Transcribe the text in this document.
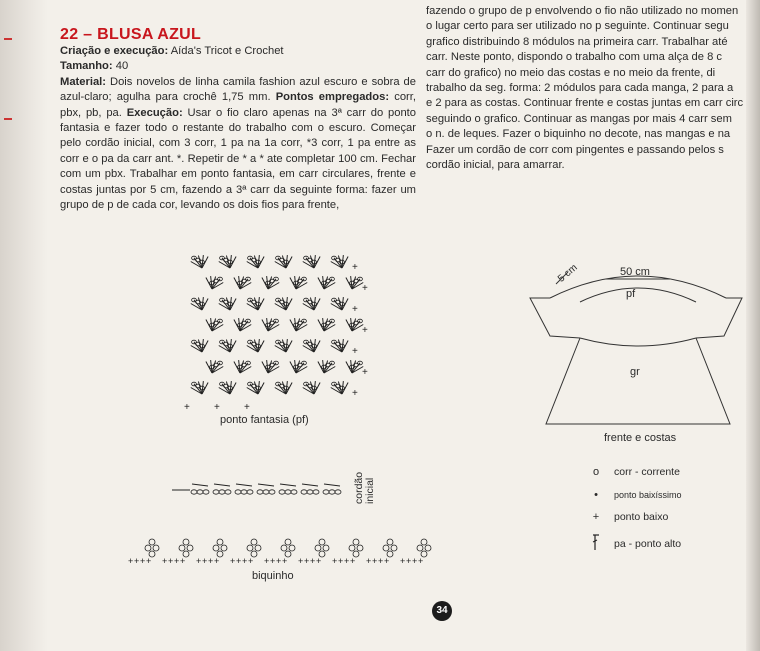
22 – BLUSA AZUL

Criação e execução: Aída's Tricot e Crochet

Tamanho: 40

Material: Dois novelos de linha camila fashion azul escuro e sobra de azul-claro; agulha para crochê 1,75 mm. Pontos empregados: corr, pbx, pb, pa. Execução: Usar o fio claro apenas na 3ª carr do ponto fantasia e fazer todo o restante do trabalho com o escuro. Começar pelo cordão inicial, com 3 corr, 1 pa na 1a corr, *3 corr, 1 pa entre as corr e o pa da carr ant. *. Repetir de * a * ate completar 100 cm. Fechar com um pbx. Trabalhar em ponto fantasia, em carr circulares, frente e costas juntas por 5 cm, fazendo a 3ª carr da seguinte forma: fazer um grupo de p de cada cor, levando os dois fios para frente,

fazendo o grupo de p envolvendo o fio não utilizado no momen
o lugar certo para ser utilizado no p seguinte. Continuar segu
grafico distribuindo 8 módulos na primeira carr. Trabalhar até
carr. Neste ponto, dispondo o trabalho com uma alça de 8 c
carr do grafico) no meio das costas e no meio da frente, di
trabalho da seg. forma: 2 módulos para cada manga, 2 para a
e 2 para as costas. Continuar frente e costas juntas em carr circ
seguindo o grafico. Continuar as mangas por mais 4 carr sem
o n. de leques. Fazer o biquinho no decote, nas mangas e na
Fazer um cordão de corr com pingentes e passando pelos s
cordão inicial, para amarrar.
+
+
+
+
+
+
+
+ + +
ponto fantasia (pf)
cordão inicial
+ + + + + + + + + + + + + + + + + + + + + + + + + + + + + + + + + + + +
biquinho
50 cm
5 cm
pf
gr
frente e costas
o	corr - corrente
•	ponto baixíssimo
+	ponto baixo
pa - ponto alto
34
